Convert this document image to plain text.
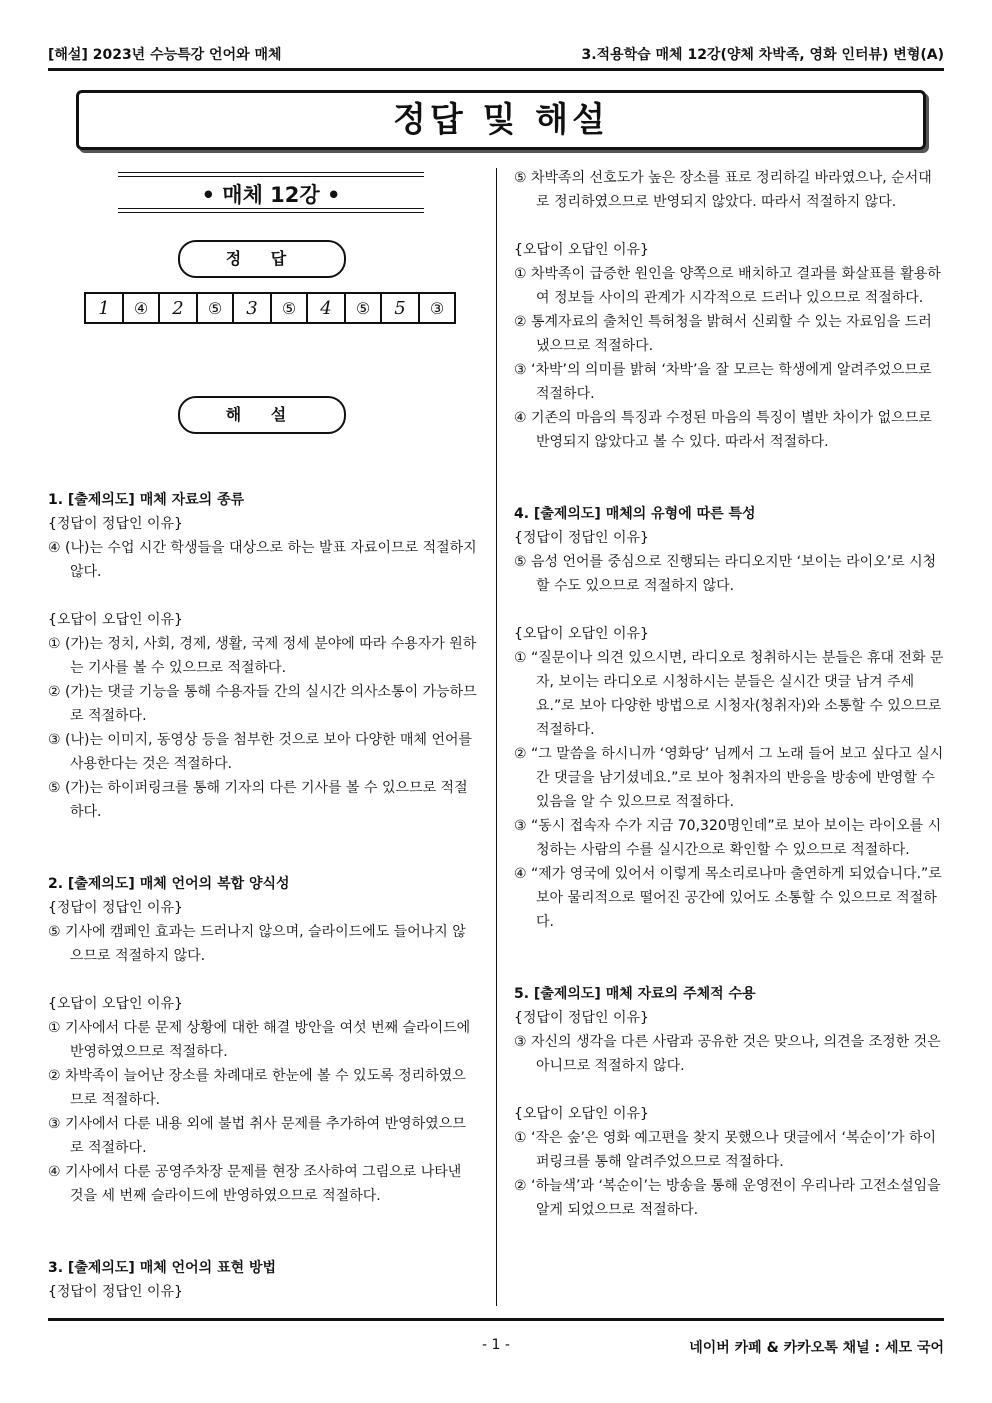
[해설] 2023년 수능특강 언어와 매체	3.적용학습 매체 12강(양체 차박족, 영화 인터뷰) 변형(A)
정답 및 해설
• 매체 12강 •
정 답
1	④	2	⑤	3	⑤	4	⑤	5	③
해 설

1. [출제의도] 매체 자료의 종류

{정답이 정답인 이유}

④ (나)는 수업 시간 학생들을 대상으로 하는 발표 자료이므로 적절하지 않다.

{오답이 오답인 이유}

① (가)는 정치, 사회, 경제, 생활, 국제 정세 분야에 따라 수용자가 원하는 기사를 볼 수 있으므로 적절하다.

② (가)는 댓글 기능을 통해 수용자들 간의 실시간 의사소통이 가능하므로 적절하다.

③ (나)는 이미지, 동영상 등을 첨부한 것으로 보아 다양한 매체 언어를 사용한다는 것은 적절하다.

⑤ (가)는 하이퍼링크를 통해 기자의 다른 기사를 볼 수 있으므로 적절하다.

2. [출제의도] 매체 언어의 복합 양식성

{정답이 정답인 이유}

⑤ 기사에 캠페인 효과는 드러나지 않으며, 슬라이드에도 들어나지 않으므로 적절하지 않다.

{오답이 오답인 이유}

① 기사에서 다룬 문제 상황에 대한 해결 방안을 여섯 번째 슬라이드에 반영하였으므로 적절하다.

② 차박족이 늘어난 장소를 차례대로 한눈에 볼 수 있도록 정리하였으므로 적절하다.

③ 기사에서 다룬 내용 외에 불법 취사 문제를 추가하여 반영하였으므로 적절하다.

④ 기사에서 다룬 공영주차장 문제를 현장 조사하여 그림으로 나타낸 것을 세 번째 슬라이드에 반영하였으므로 적절하다.

3. [출제의도] 매체 언어의 표현 방법

{정답이 정답인 이유}

⑤ 차박족의 선호도가 높은 장소를 표로 정리하길 바라였으나, 순서대로 정리하였으므로 반영되지 않았다. 따라서 적절하지 않다.

{오답이 오답인 이유}

① 차박족이 급증한 원인을 양쪽으로 배치하고 결과를 화살표를 활용하여 정보들 사이의 관계가 시각적으로 드러나 있으므로 적절하다.

② 통계자료의 출처인 특허청을 밝혀서 신뢰할 수 있는 자료임을 드러냈으므로 적절하다.

③ ‘차박’의 의미를 밝혀 ‘차박’을 잘 모르는 학생에게 알려주었으므로 적절하다.

④ 기존의 마음의 특징과 수정된 마음의 특징이 별반 차이가 없으므로 반영되지 않았다고 볼 수 있다. 따라서 적절하다.

4. [출제의도] 매체의 유형에 따른 특성

{정답이 정답인 이유}

⑤ 음성 언어를 중심으로 진행되는 라디오지만 ‘보이는 라이오’로 시청할 수도 있으므로 적절하지 않다.

{오답이 오답인 이유}

① “질문이나 의견 있으시면, 라디오로 청취하시는 분들은 휴대 전화 문자, 보이는 라디오로 시청하시는 분들은 실시간 댓글 남겨 주세요.”로 보아 다양한 방법으로 시청자(청취자)와 소통할 수 있으므로 적절하다.

② “그 말씀을 하시니까 ‘영화당’ 님께서 그 노래 들어 보고 싶다고 실시간 댓글을 남기셨네요.”로 보아 청취자의 반응을 방송에 반영할 수 있음을 알 수 있으므로 적절하다.

③ “동시 접속자 수가 지금 70,320명인데”로 보아 보이는 라이오를 시청하는 사람의 수를 실시간으로 확인할 수 있으므로 적절하다.

④ “제가 영국에 있어서 이렇게 목소리로나마 출연하게 되었습니다.”로 보아 물리적으로 떨어진 공간에 있어도 소통할 수 있으므로 적절하다.

5. [출제의도] 매체 자료의 주체적 수용

{정답이 정답인 이유}

③ 자신의 생각을 다른 사람과 공유한 것은 맞으나, 의견을 조정한 것은 아니므로 적절하지 않다.

{오답이 오답인 이유}

① ‘작은 숲’은 영화 예고편을 찾지 못했으나 댓글에서 ‘복순이’가 하이퍼링크를 통해 알려주었으므로 적절하다.

② ‘하늘색’과 ‘복순이’는 방송을 통해 운영전이 우리나라 고전소설임을 알게 되었으므로 적절하다.

- 1 -	네이버 카페 & 카카오톡 채널 : 세모 국어
